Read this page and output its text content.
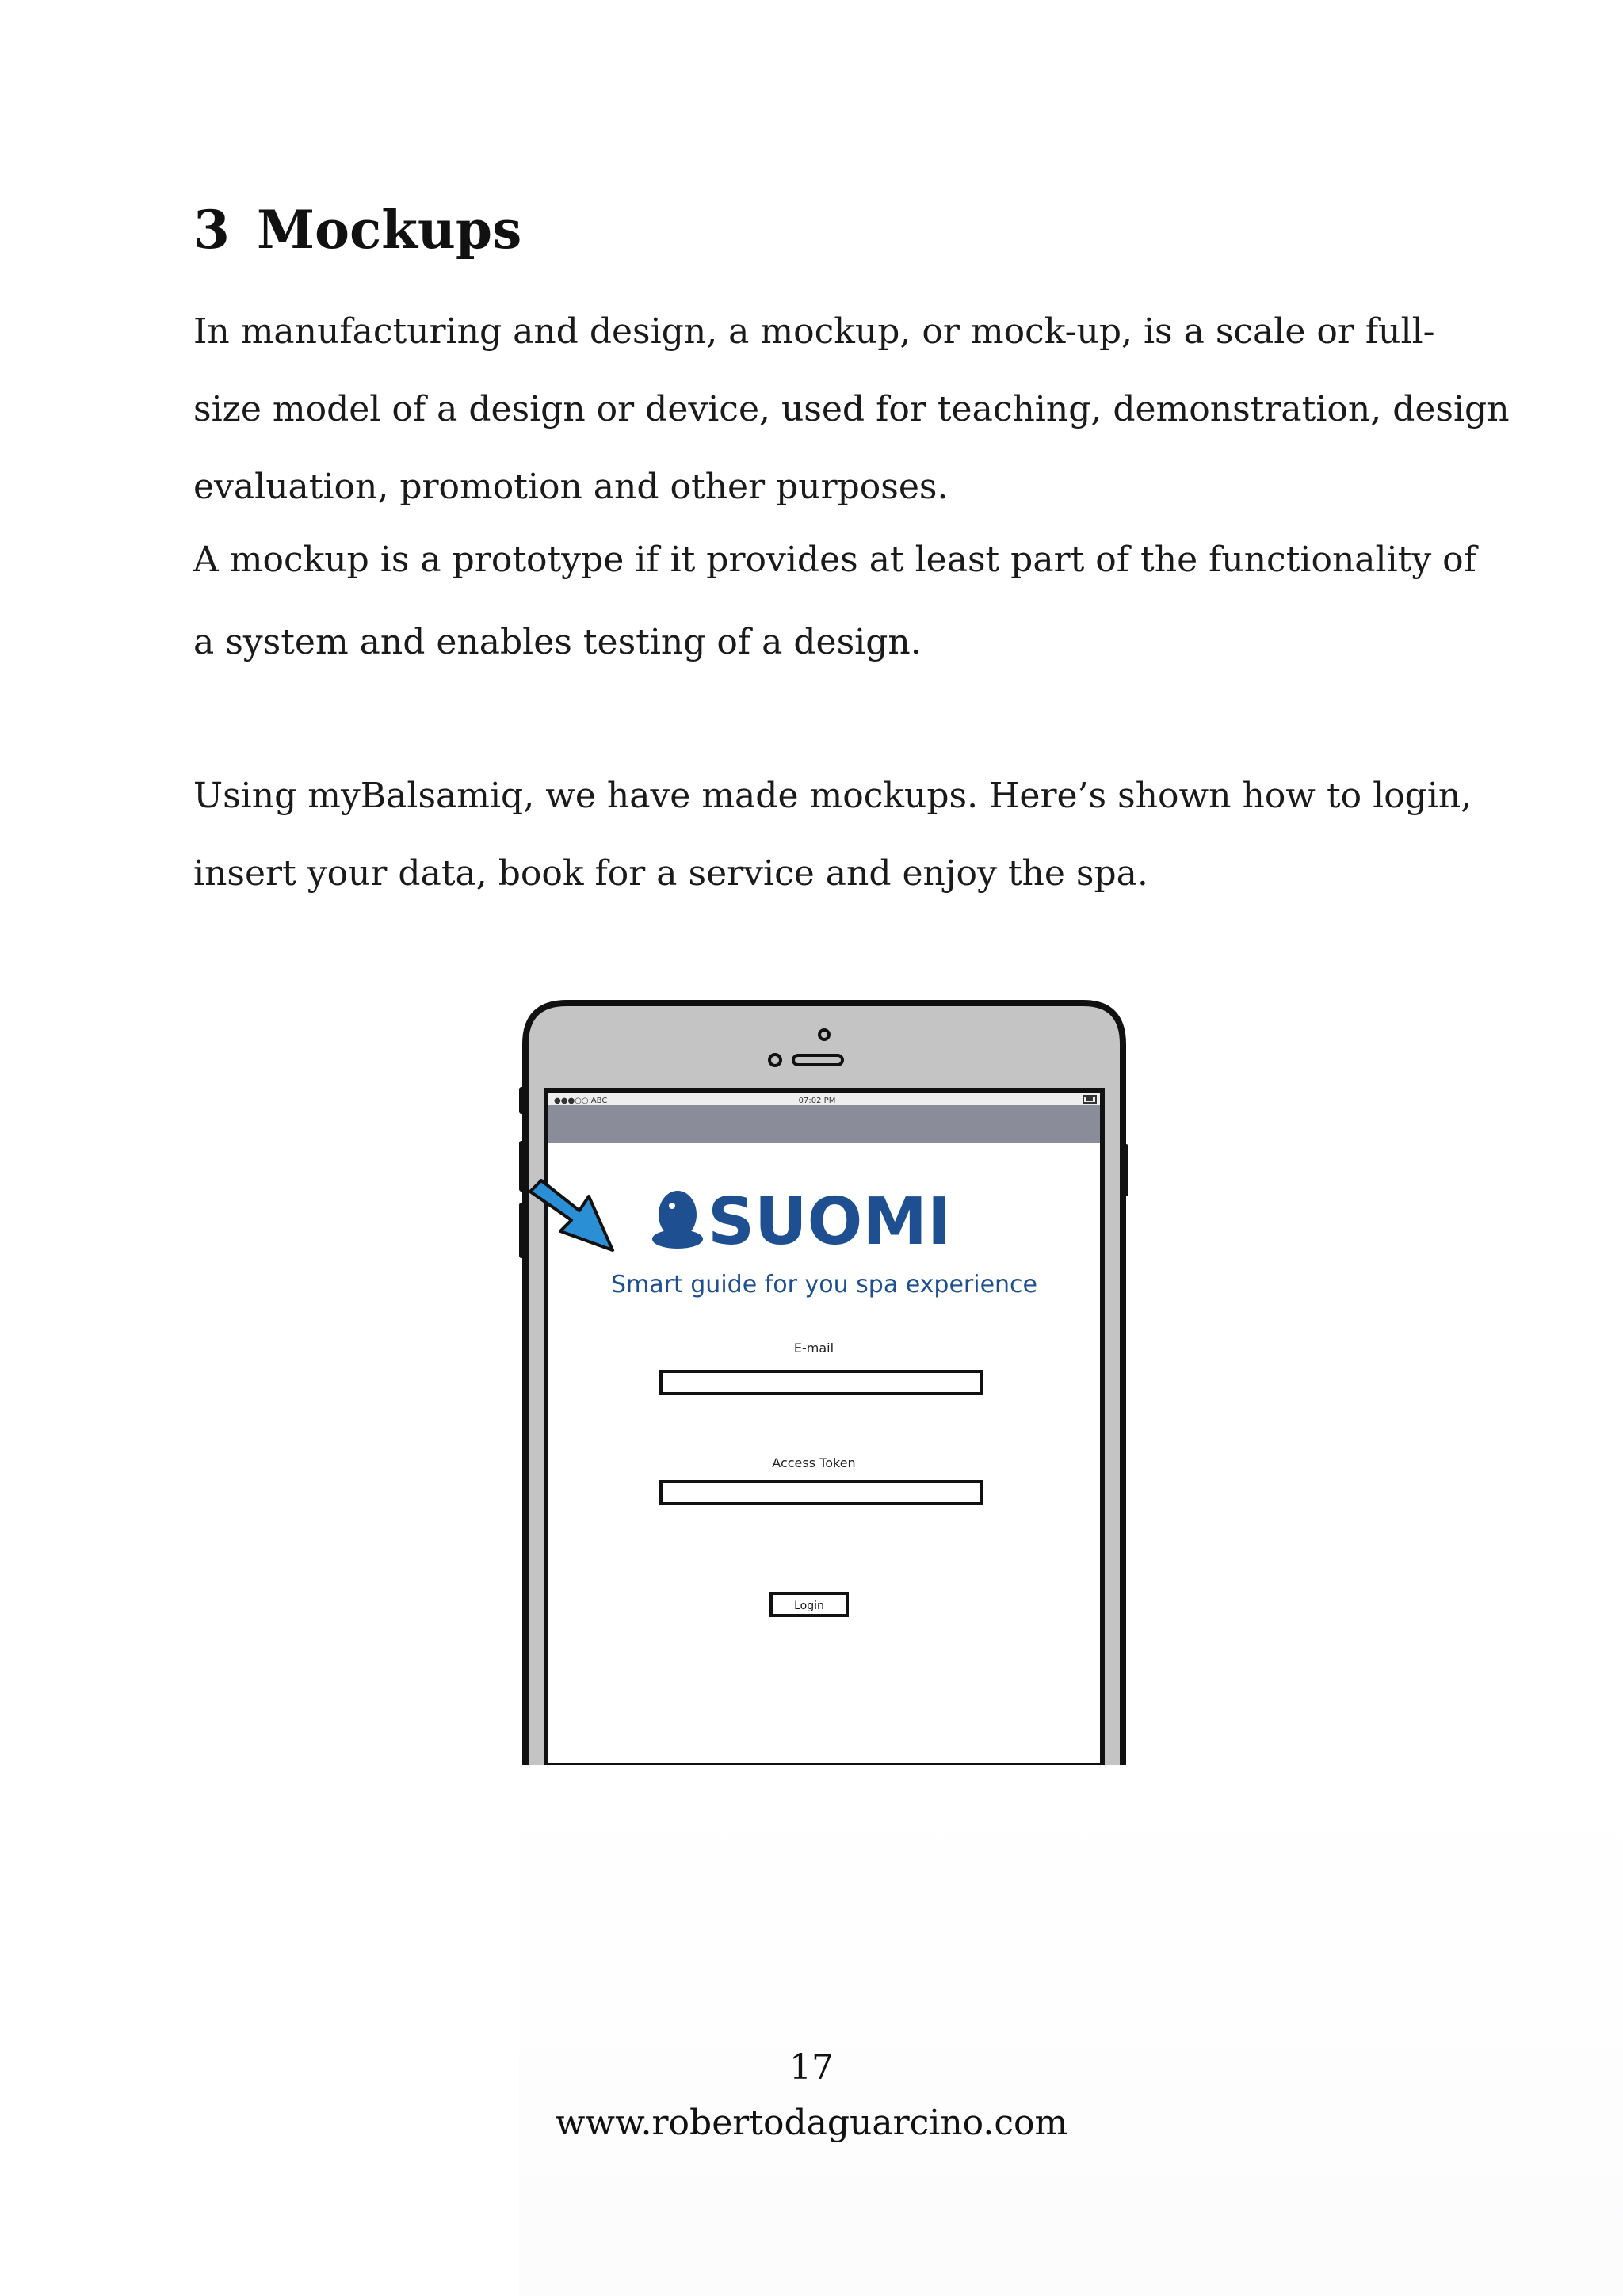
3 Mockups
In manufacturing and design, a mockup, or mock-up, is a scale or full-
size model of a design or device, used for teaching, demonstration, design
evaluation, promotion and other purposes.
A mockup is a prototype if it provides at least part of the functionality of
a system and enables testing of a design.
Using myBalsamiq, we have made mockups. Here’s shown how to login,
insert your data, book for a service and enjoy the spa.
●●●○○ ABC	07:02 PM
SUOMI
Smart guide for you spa experience
E-mail
Access Token
Login
17
www.robertodaguarcino.com
